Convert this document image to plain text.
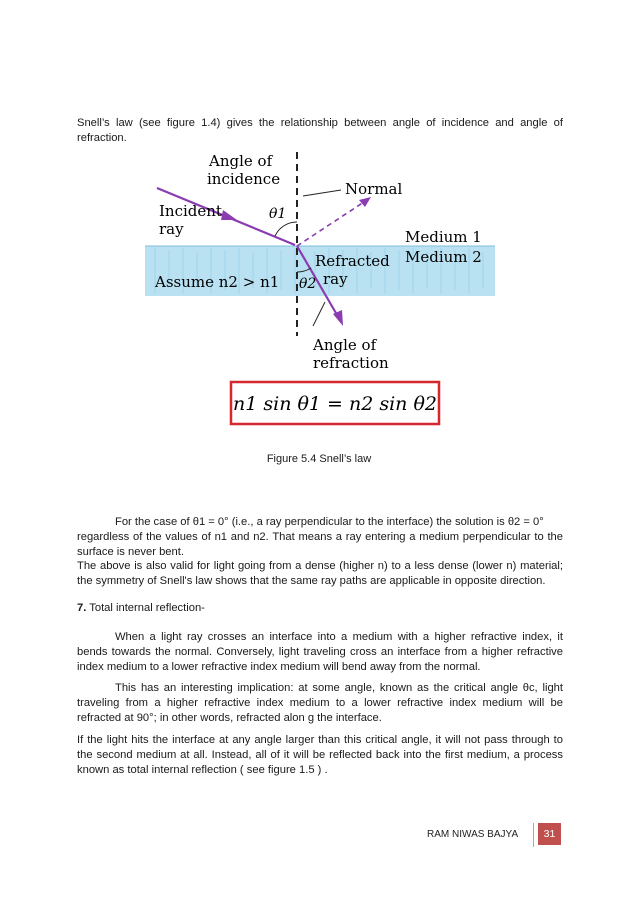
Snell’s law (see figure 1.4) gives the relationship between angle of incidence and angle of refraction.

Angle of
incidence
Normal
Incident
ray
θ1
Medium 1
Medium 2
Assume n2 > n1
Refracted
ray
θ2
Angle of
refraction
n1 sin θ1 = n2 sin θ2
Figure 5.4 Snell’s law

For the case of θ1 = 0° (i.e., a ray perpendicular to the interface) the solution is θ2 = 0°

regardless of the values of n1 and n2. That means a ray entering a medium perpendicular to the surface is never bent.

The above is also valid for light going from a dense (higher n) to a less dense (lower n) material; the symmetry of Snell's law shows that the same ray paths are applicable in opposite direction.

7. Total internal reflection-

When a light ray crosses an interface into a medium with a higher refractive index, it bends towards the normal. Conversely, light traveling cross an interface from a higher refractive index medium to a lower refractive index medium will bend away from the normal.

This has an interesting implication: at some angle, known as the critical angle θc, light traveling from a higher refractive index medium to a lower refractive index medium will be refracted at 90°; in other words, refracted alon g the interface.

If the light hits the interface at any angle larger than this critical angle, it will not pass through to the second medium at all. Instead, all of it will be reflected back into the first medium, a process known as total internal reflection ( see figure 1.5 ) .

RAM NIWAS BAJYA	31
